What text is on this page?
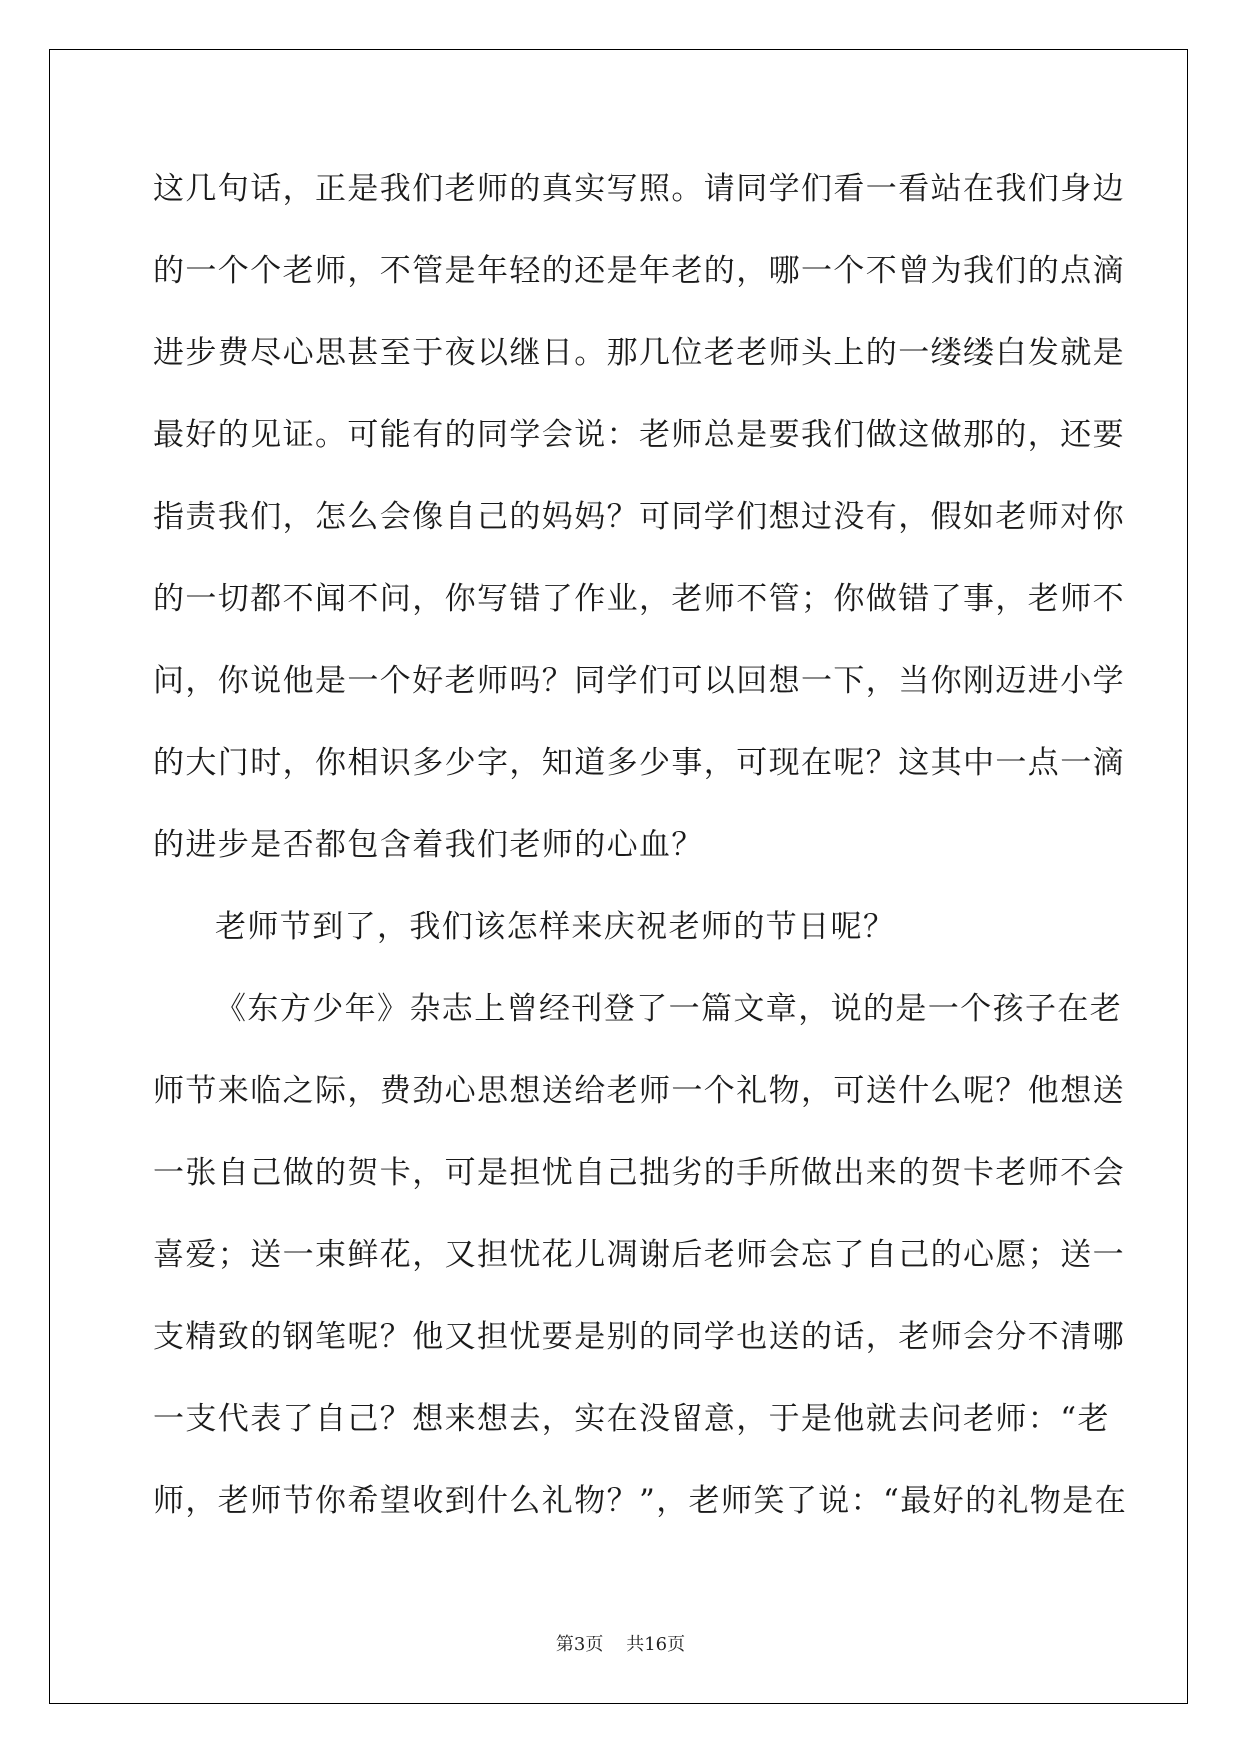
这几句话，正是我们老师的真实写照。请同学们看一看站在我们身边
的一个个老师，不管是年轻的还是年老的，哪一个不曾为我们的点滴
进步费尽心思甚至于夜以继日。那几位老老师头上的一缕缕白发就是
最好的见证。可能有的同学会说：老师总是要我们做这做那的，还要
指责我们，怎么会像自己的妈妈？可同学们想过没有，假如老师对你
的一切都不闻不问，你写错了作业，老师不管；你做错了事，老师不
问，你说他是一个好老师吗？同学们可以回想一下，当你刚迈进小学
的大门时，你相识多少字，知道多少事，可现在呢？这其中一点一滴
的进步是否都包含着我们老师的心血？
老师节到了，我们该怎样来庆祝老师的节日呢？
《东方少年》杂志上曾经刊登了一篇文章，说的是一个孩子在老
师节来临之际，费劲心思想送给老师一个礼物，可送什么呢？他想送
一张自己做的贺卡，可是担忧自己拙劣的手所做出来的贺卡老师不会
喜爱；送一束鲜花，又担忧花儿凋谢后老师会忘了自己的心愿；送一
支精致的钢笔呢？他又担忧要是别的同学也送的话，老师会分不清哪
一支代表了自己？想来想去，实在没留意，于是他就去问老师：“老
师，老师节你希望收到什么礼物？”，老师笑了说：“最好的礼物是在
第3页 共16页
